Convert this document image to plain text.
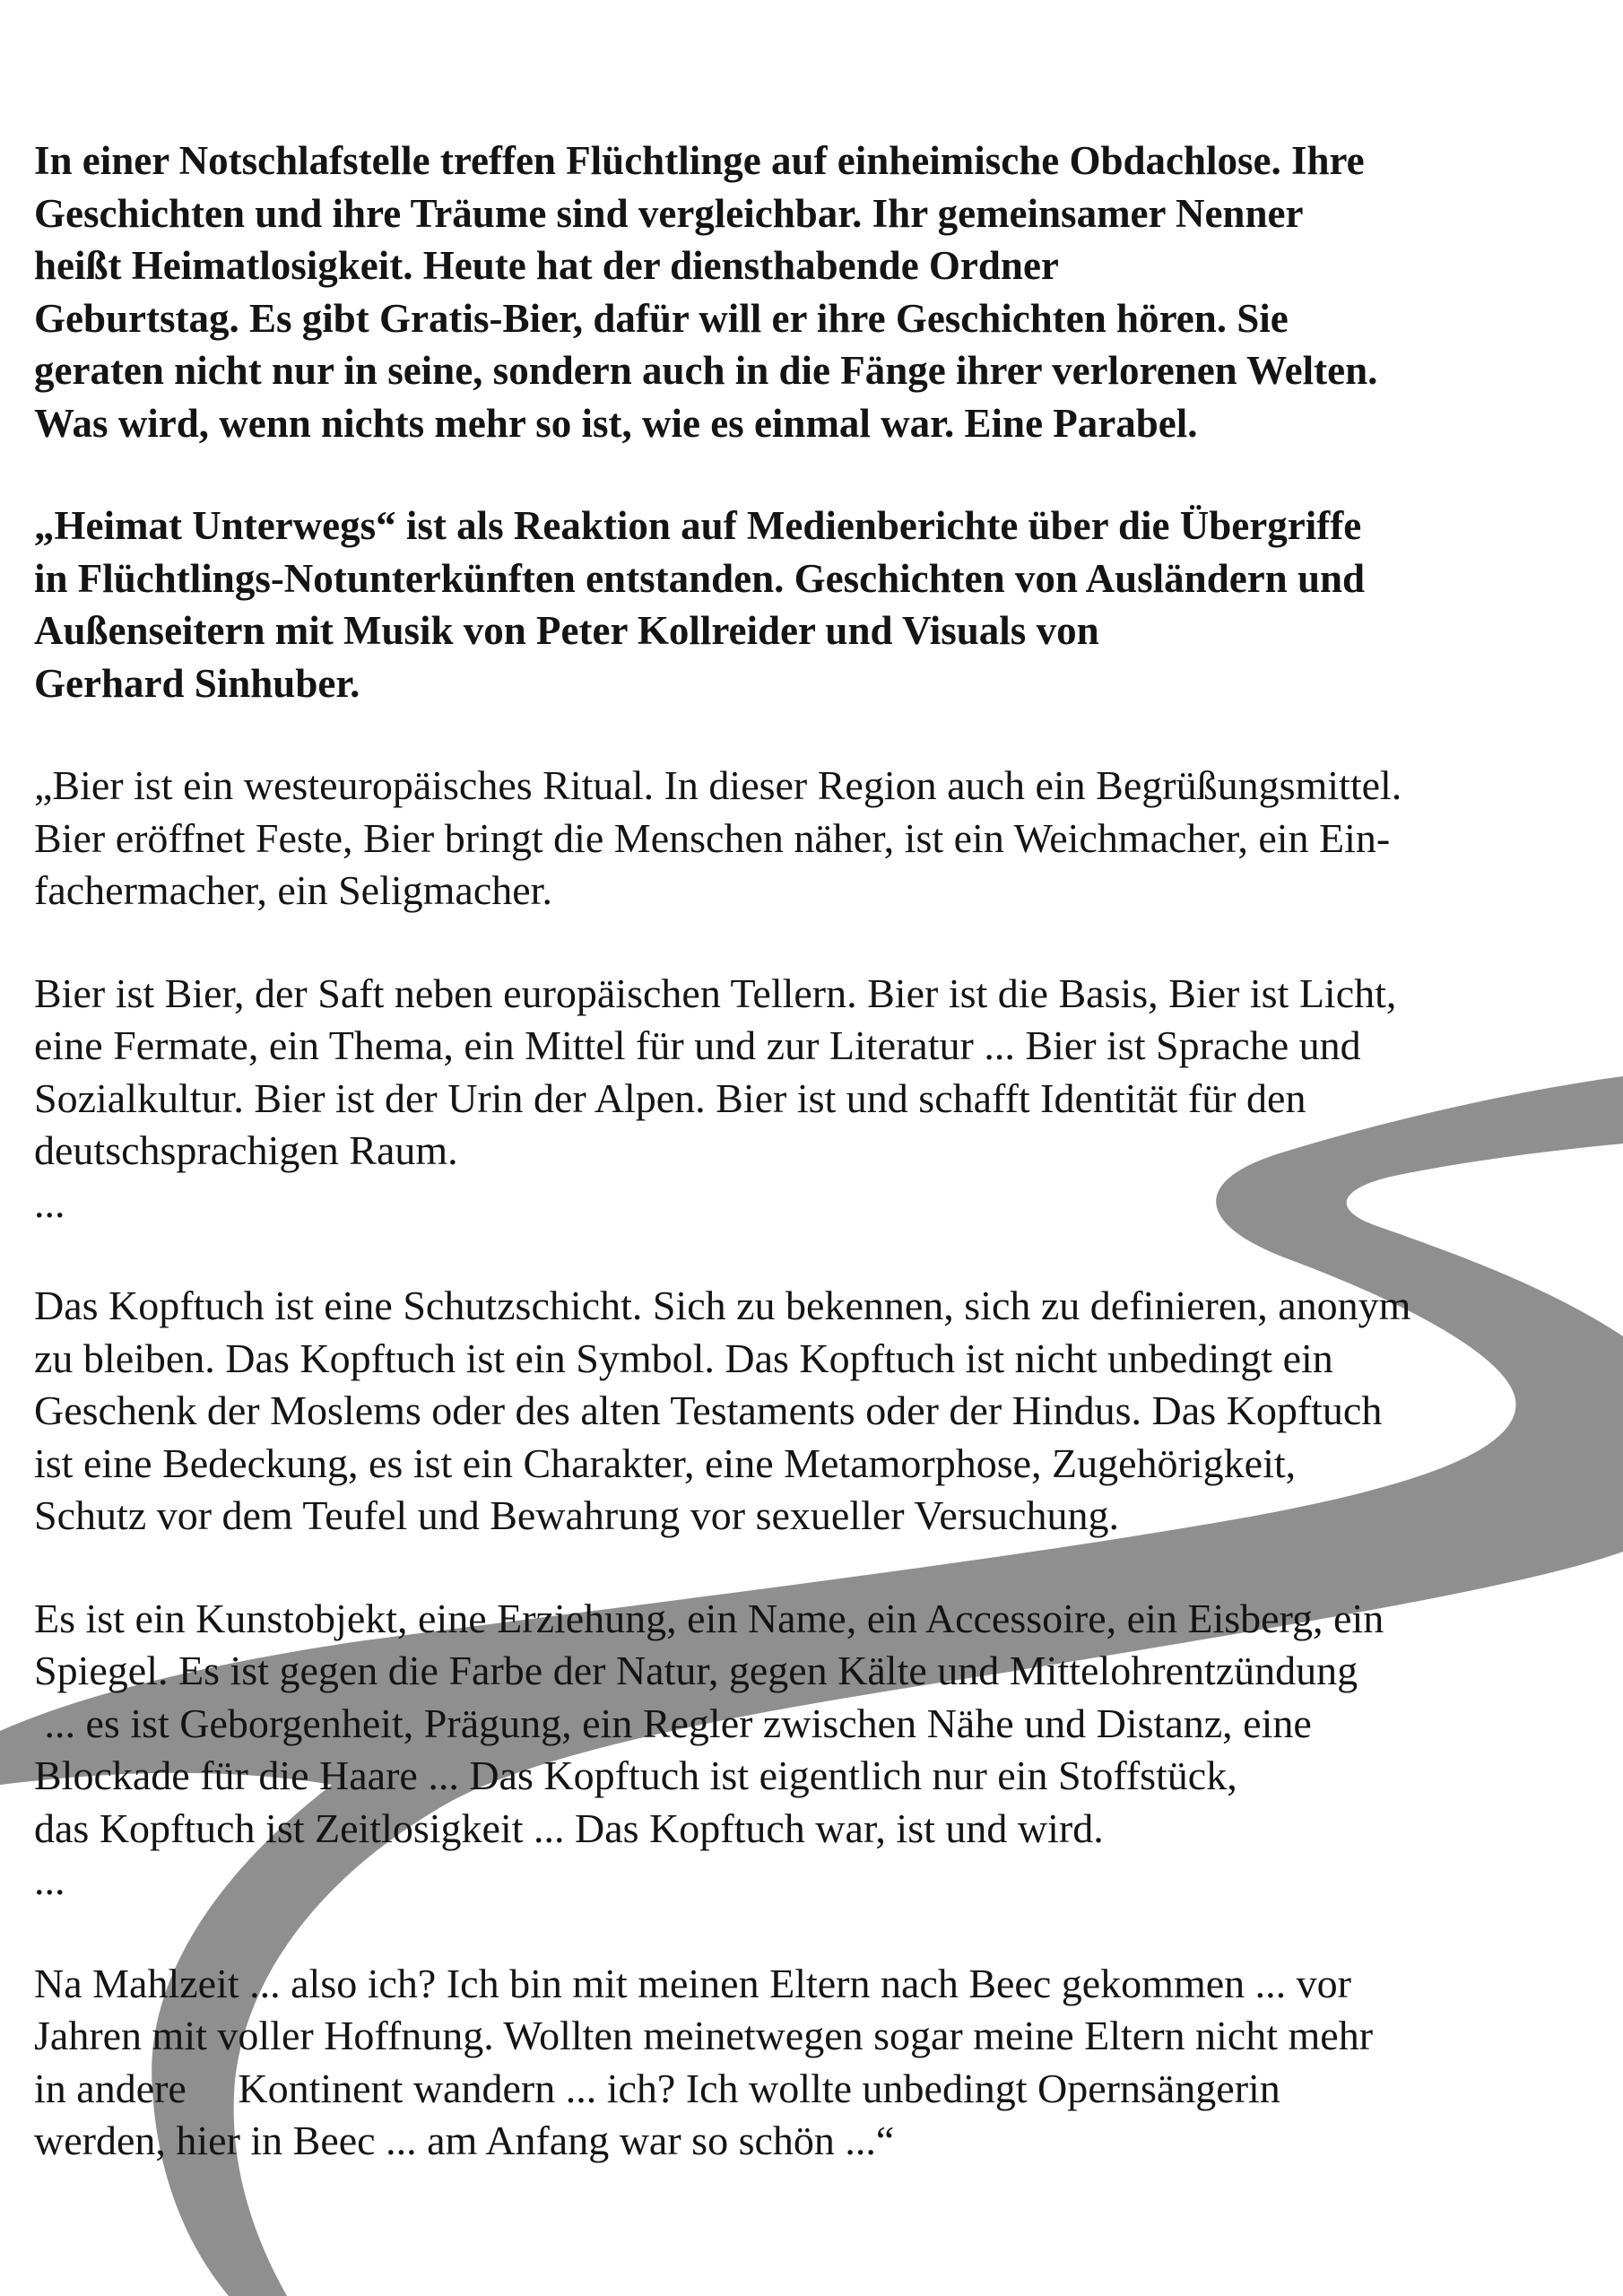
In einer Notschlafstelle treffen Flüchtlinge auf einheimische Obdachlose. Ihre
Geschichten und ihre Träume sind vergleichbar. Ihr gemeinsamer Nenner
heißt Heimatlosigkeit. Heute hat der diensthabende Ordner
Geburtstag. Es gibt Gratis-Bier, dafür will er ihre Geschichten hören. Sie
geraten nicht nur in seine, sondern auch in die Fänge ihrer verlorenen Welten.
Was wird, wenn nichts mehr so ist, wie es einmal war. Eine Parabel.
„Heimat Unterwegs“ ist als Reaktion auf Medienberichte über die Übergriffe
in Flüchtlings-Notunterkünften entstanden. Geschichten von Ausländern und
Außenseitern mit Musik von Peter Kollreider und Visuals von
Gerhard Sinhuber.
„Bier ist ein westeuropäisches Ritual. In dieser Region auch ein Begrüßungsmittel.
Bier eröffnet Feste, Bier bringt die Menschen näher, ist ein Weichmacher, ein Ein-
fachermacher, ein Seligmacher.
Bier ist Bier, der Saft neben europäischen Tellern. Bier ist die Basis, Bier ist Licht,
eine Fermate, ein Thema, ein Mittel für und zur Literatur ... Bier ist Sprache und
Sozialkultur. Bier ist der Urin der Alpen. Bier ist und schafft Identität für den
deutschsprachigen Raum.
...
Das Kopftuch ist eine Schutzschicht. Sich zu bekennen, sich zu definieren, anonym
zu bleiben. Das Kopftuch ist ein Symbol. Das Kopftuch ist nicht unbedingt ein
Geschenk der Moslems oder des alten Testaments oder der Hindus. Das Kopftuch
ist eine Bedeckung, es ist ein Charakter, eine Metamorphose, Zugehörigkeit,
Schutz vor dem Teufel und Bewahrung vor sexueller Versuchung.
Es ist ein Kunstobjekt, eine Erziehung, ein Name, ein Accessoire, ein Eisberg, ein
Spiegel. Es ist gegen die Farbe der Natur, gegen Kälte und Mittelohrentzündung
... es ist Geborgenheit, Prägung, ein Regler zwischen Nähe und Distanz, eine
Blockade für die Haare ... Das Kopftuch ist eigentlich nur ein Stoffstück,
das Kopftuch ist Zeitlosigkeit ... Das Kopftuch war, ist und wird.
...
Na Mahlzeit ... also ich? Ich bin mit meinen Eltern nach Beec gekommen ... vor
Jahren mit voller Hoffnung. Wollten meinetwegen sogar meine Eltern nicht mehr
in andere     Kontinent wandern ... ich? Ich wollte unbedingt Opernsängerin
werden, hier in Beec ... am Anfang war so schön ...“
